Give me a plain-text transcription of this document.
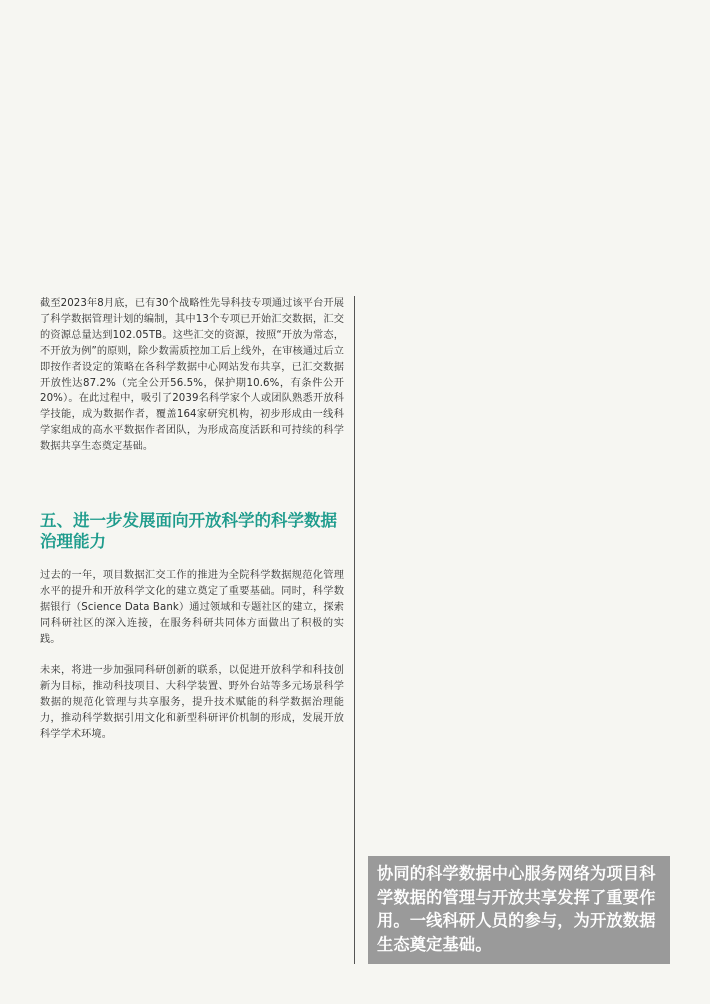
截至2023年8月底，已有30个战略性先导科技专项通过该平台开展了科学数据管理计划的编制，其中13个专项已开始汇交数据，汇交的资源总量达到102.05TB。这些汇交的资源，按照“开放为常态，不开放为例”的原则，除少数需质控加工后上线外，在审核通过后立即按作者设定的策略在各科学数据中心网站发布共享，已汇交数据开放性达87.2%（完全公开56.5%，保护期10.6%，有条件公开20%）。在此过程中，吸引了2039名科学家个人或团队熟悉开放科学技能，成为数据作者，覆盖164家研究机构，初步形成由一线科学家组成的高水平数据作者团队，为形成高度活跃和可持续的科学数据共享生态奠定基础。

五、进一步发展面向开放科学的科学数据治理能力

过去的一年，项目数据汇交工作的推进为全院科学数据规范化管理水平的提升和开放科学文化的建立奠定了重要基础。同时，科学数据银行（Science Data Bank）通过领域和专题社区的建立，探索同科研社区的深入连接，在服务科研共同体方面做出了积极的实践。

未来，将进一步加强同科研创新的联系，以促进开放科学和科技创新为目标，推动科技项目、大科学装置、野外台站等多元场景科学数据的规范化管理与共享服务，提升技术赋能的科学数据治理能力，推动科学数据引用文化和新型科研评价机制的形成，发展开放科学学术环境。

协同的科学数据中心服务网络为项目科学数据的管理与开放共享发挥了重要作用。一线科研人员的参与，为开放数据生态奠定基础。
